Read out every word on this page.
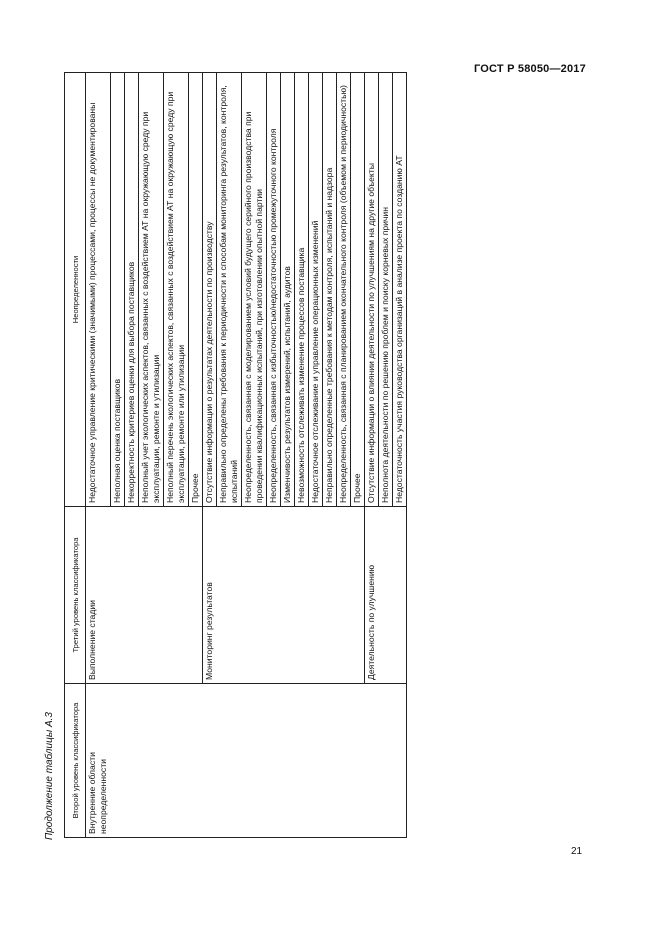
ГОСТ Р 58050—2017
Продолжение таблицы А.3 Второй уровень классификатора	Третий уровень классификатора	Неопределенности
Внутренние области неопределенности	Выполнение стадии	Недостаточное управление критическими (значимыми) процессами, процессы не документированы
		Неполная оценка поставщиков
		Некорректность критериев оценки для выбора поставщиков
		Неполный учет экологических аспектов, связанных с воздействием АТ на окружающую среду при эксплуатации, ремонте и утилизации
		Неполный перечень экологических аспектов, связанных с воздействием АТ на окружающую среду при эксплуатации, ремонте или утилизации
		Прочее
	Мониторинг результатов	Отсутствие информации о результатах деятельности по производству
		Неправильно определены требования к периодичности и способам мониторинга результатов, контроля, испытаний
		Неопределенность, связанная с моделированием условий будущего серийного производства при проведении квалификационных испытаний, при изготовлении опытной партии
		Неопределенность, связанная с избыточностью/недостаточностью промежуточного контроля
		Изменчивость результатов измерений, испытаний, аудитов
		Невозможность отслеживать изменение процессов поставщика
		Недостаточное отслеживание и управление операционных изменений
		Неправильно определенные требования к методам контроля, испытаний и надзора
		Неопределенность, связанная с планированием окончательного контроля (объемом и периодичностью)
		Прочее
	Деятельность по улучшению	Отсутствие информации о влиянии деятельности по улучшениям на другие объекты
		Неполнота деятельности по решению проблем и поиску корневых причин
		Недостаточность участия руководства организаций в анализе проекта по созданию АТ
21
